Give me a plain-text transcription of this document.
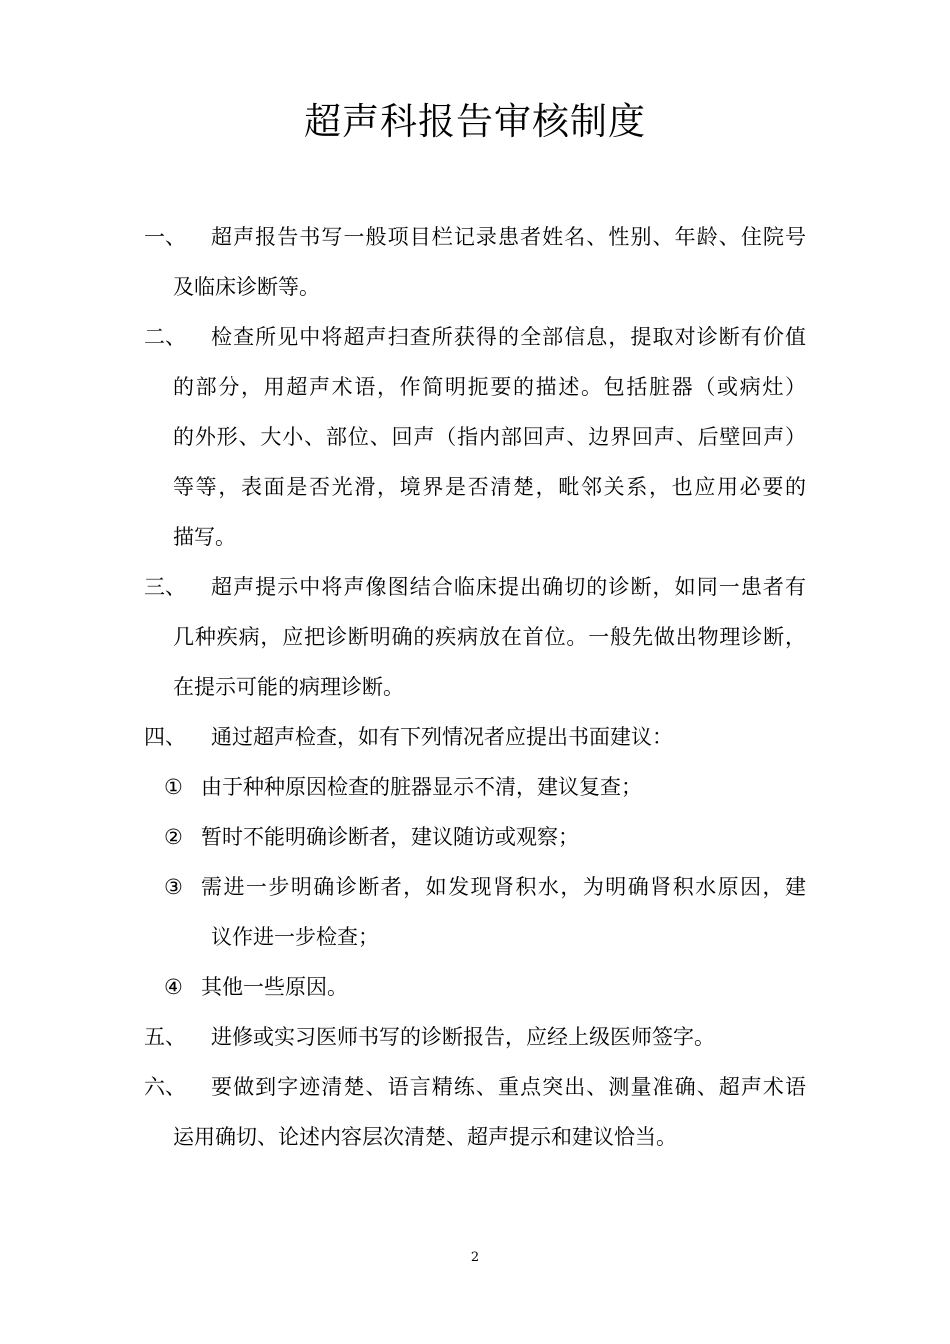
超声科报告审核制度
一、 超声报告书写一般项目栏记录患者姓名、性别、年龄、住院号
及临床诊断等。
二、 检查所见中将超声扫查所获得的全部信息，提取对诊断有价值
的部分，用超声术语，作简明扼要的描述。包括脏器（或病灶）
的外形、大小、部位、回声（指内部回声、边界回声、后壁回声）
等等，表面是否光滑，境界是否清楚，毗邻关系，也应用必要的
描写。
三、 超声提示中将声像图结合临床提出确切的诊断，如同一患者有
几种疾病，应把诊断明确的疾病放在首位。一般先做出物理诊断，
在提示可能的病理诊断。
四、 通过超声检查，如有下列情况者应提出书面建议：
① 由于种种原因检查的脏器显示不清，建议复查；
② 暂时不能明确诊断者，建议随访或观察；
③ 需进一步明确诊断者，如发现肾积水，为明确肾积水原因，建
议作进一步检查；
④ 其他一些原因。
五、 进修或实习医师书写的诊断报告，应经上级医师签字。
六、 要做到字迹清楚、语言精练、重点突出、测量准确、超声术语
运用确切、论述内容层次清楚、超声提示和建议恰当。
2
